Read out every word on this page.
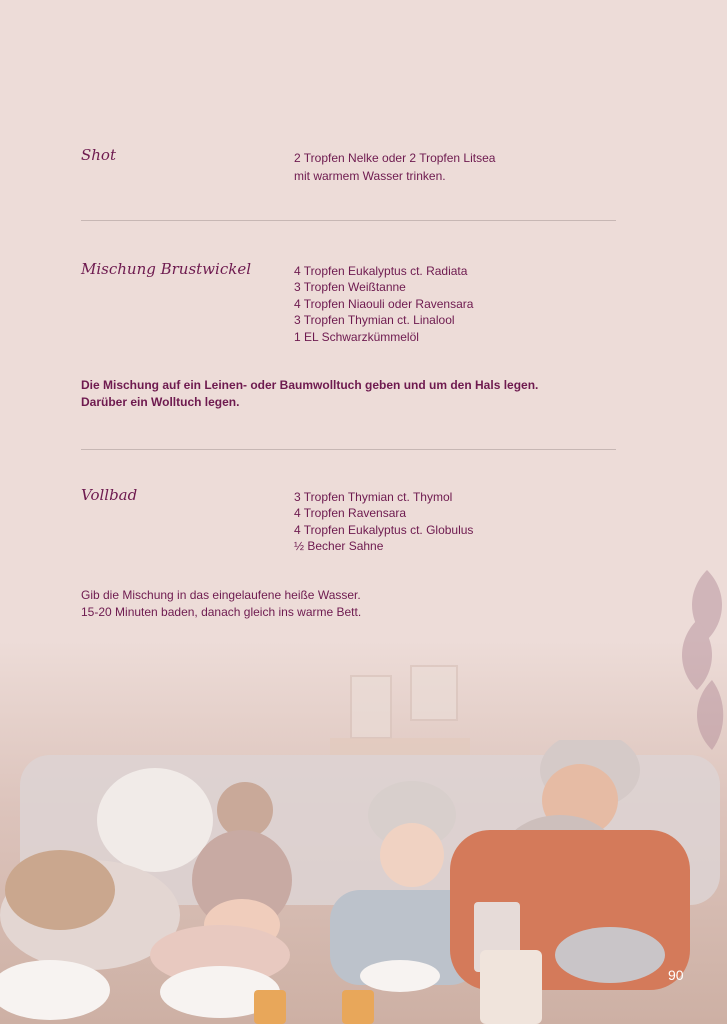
Shot	2 Tropfen Nelke oder 2 Tropfen Litsea
mit warmem Wasser trinken.
Mischung Brustwickel	4 Tropfen Eukalyptus ct. Radiata
3 Tropfen Weißtanne
4 Tropfen Niaouli oder Ravensara
3 Tropfen Thymian ct. Linalool
1 EL Schwarzkümmelöl
Die Mischung auf ein Leinen- oder Baumwolltuch geben und um den Hals legen.
Darüber ein Wolltuch legen.
Vollbad	3 Tropfen Thymian ct. Thymol
4 Tropfen Ravensara
4 Tropfen Eukalyptus ct. Globulus
½ Becher Sahne
Gib die Mischung in das eingelaufene heiße Wasser.
15-20 Minuten baden, danach gleich ins warme Bett.
90
